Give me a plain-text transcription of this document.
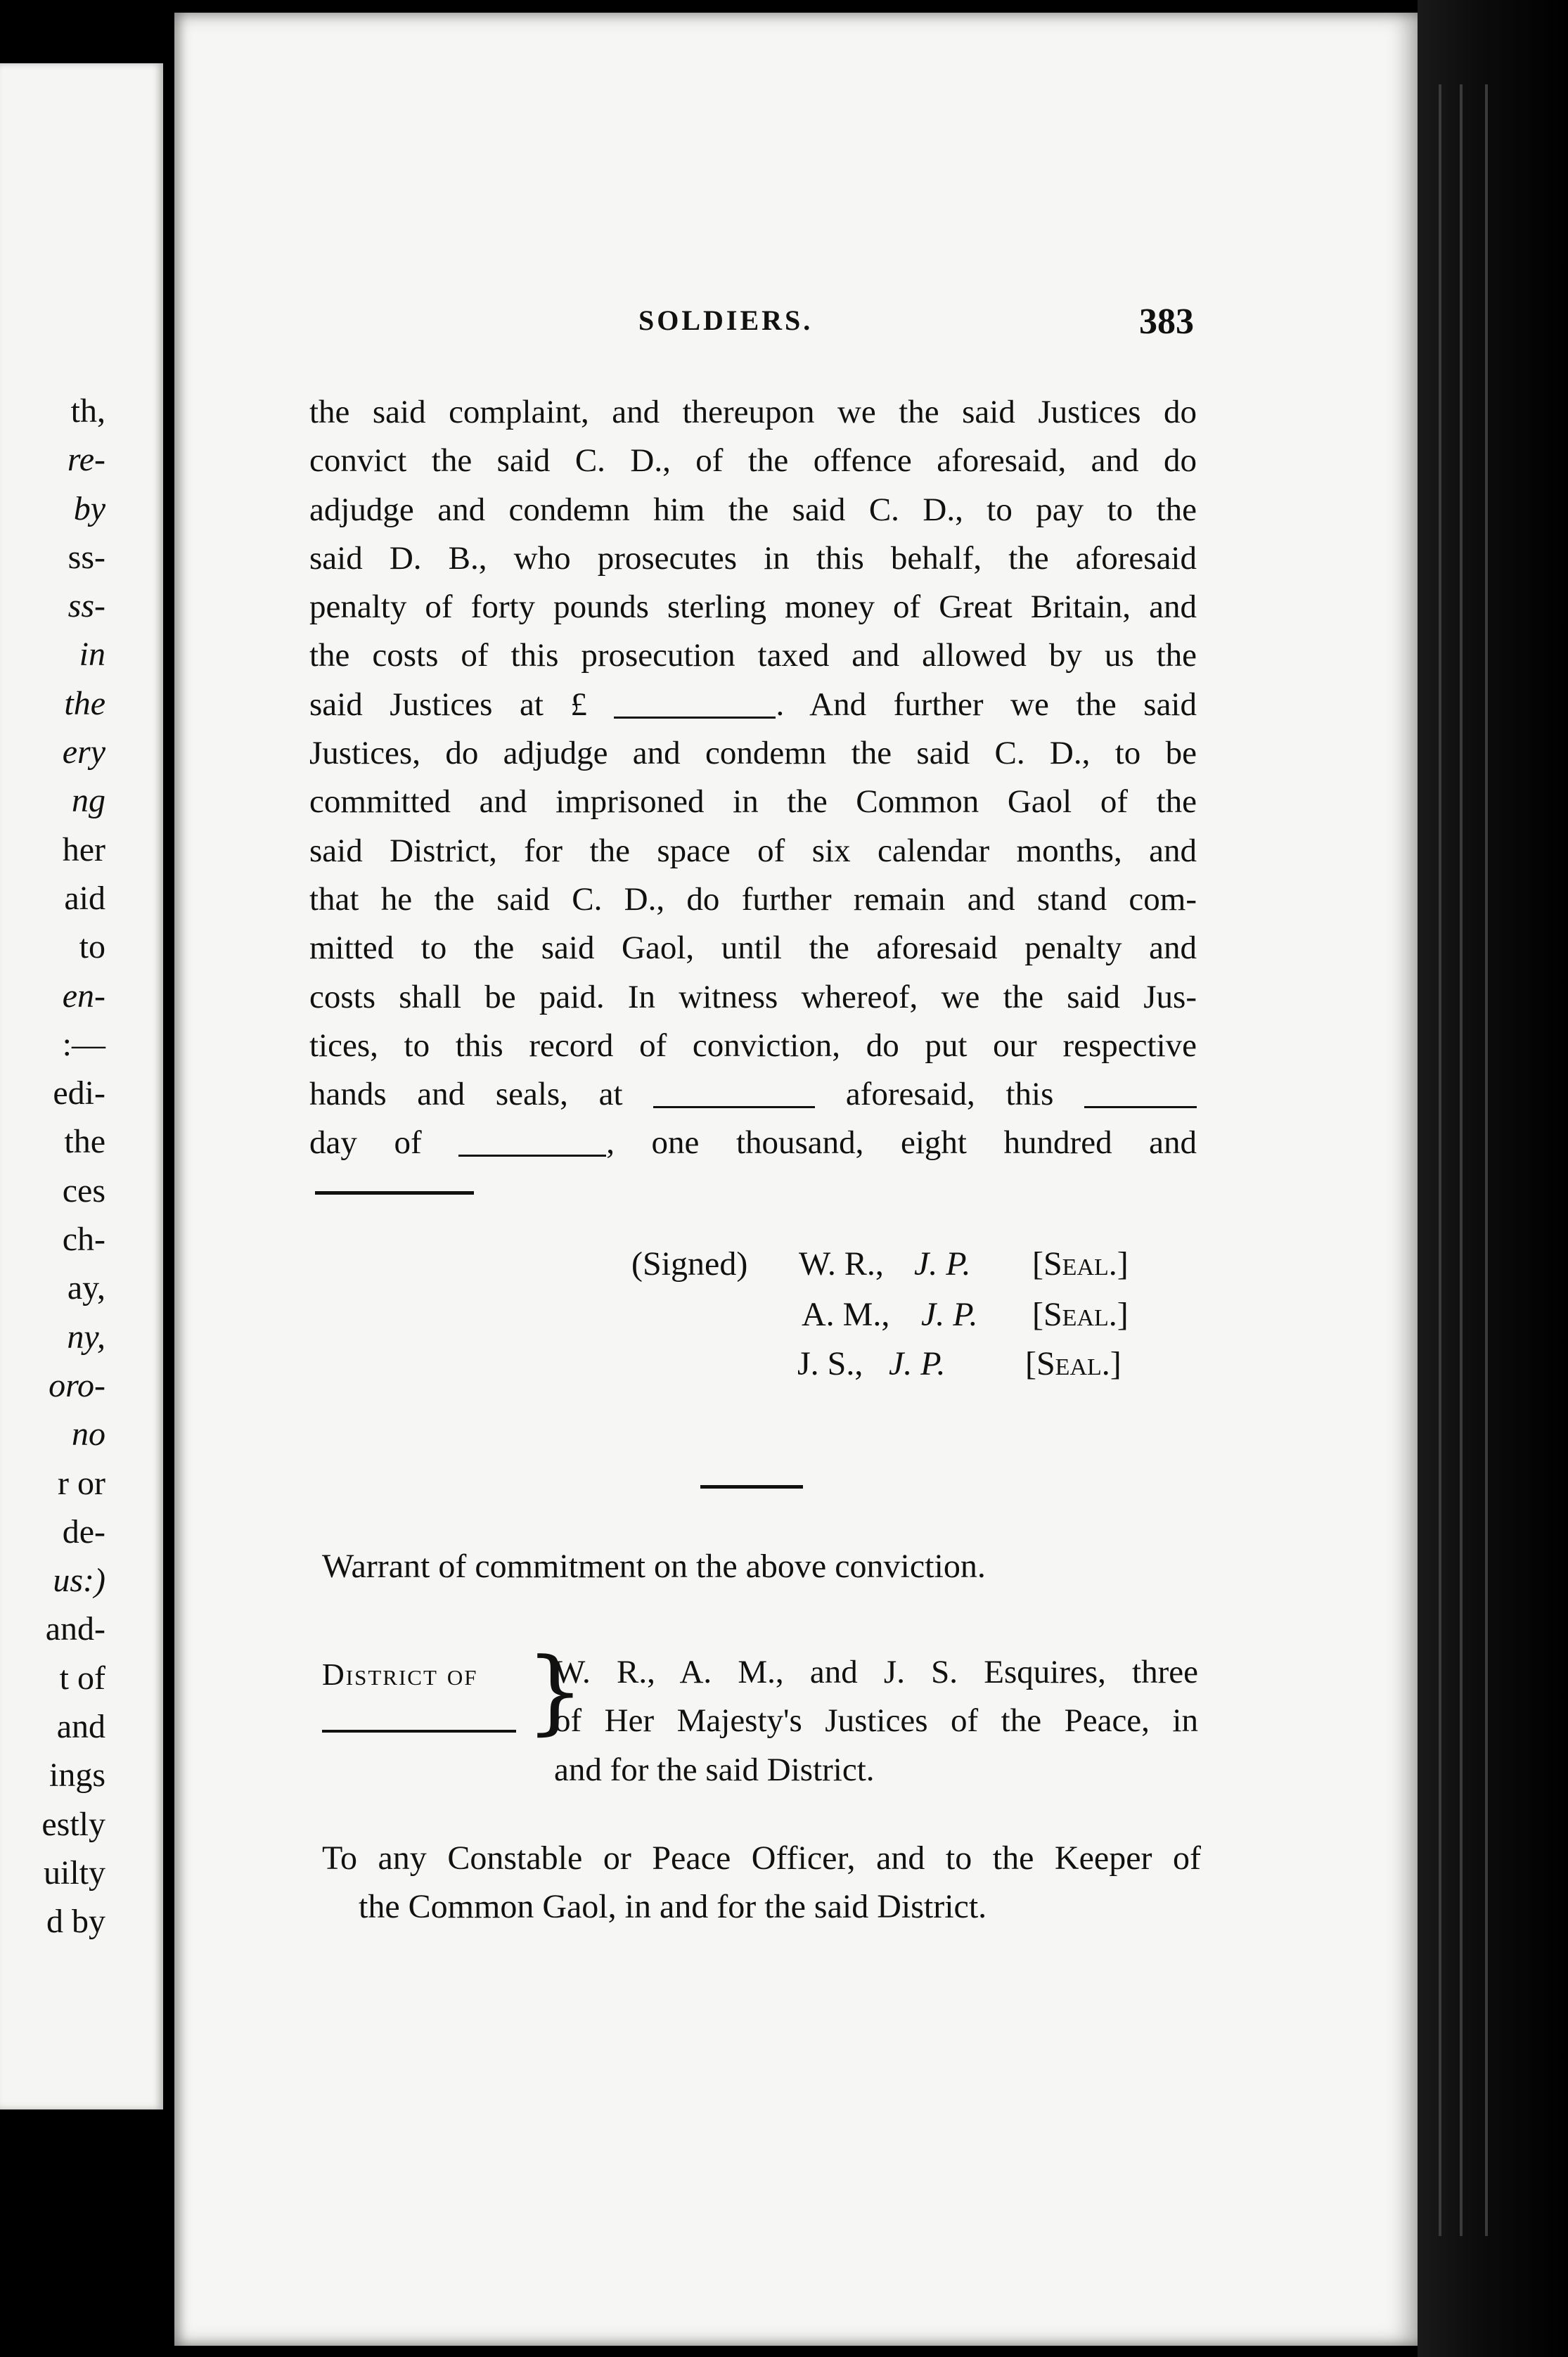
th,
re-
by
ss-
ss-
in
the
ery
ng
her
aid
to
en-
:—
edi-
the
ces
ch-
ay,
ny,
oro-
no
r or
de-
us:)
and-
t of
and
ings
estly
uilty
d by
SOLDIERS.	383
the said complaint, and thereupon we the said Justices do
convict the said C. D., of the offence aforesaid, and do
adjudge and condemn him the said C. D., to pay to the
said D. B., who prosecutes in this behalf, the aforesaid
penalty of forty pounds sterling money of Great Britain, and
the costs of this prosecution taxed and allowed by us the
said Justices at £	. And further we the said
Justices, do adjudge and condemn the said C. D., to be
committed and imprisoned in the Common Gaol of the
said District, for the space of six calendar months, and
that he the said C. D., do further remain and stand com-
mitted to the said Gaol, until the aforesaid penalty and
costs shall be paid. In witness whereof, we the said Jus-
tices, to this record of conviction, do put our respective
hands and seals, at	aforesaid, this
day of	, one thousand, eight hundred and
(Signed) W. R., J. P. [Seal.]
A. M., J. P. [Seal.]
J. S., J. P. [Seal.]
Warrant of commitment on the above conviction.
District of }
W. R., A. M., and J. S. Esquires, three
of Her Majesty's Justices of the Peace, in
and for the said District.
To any Constable or Peace Officer, and to the Keeper of
the Common Gaol, in and for the said District.
